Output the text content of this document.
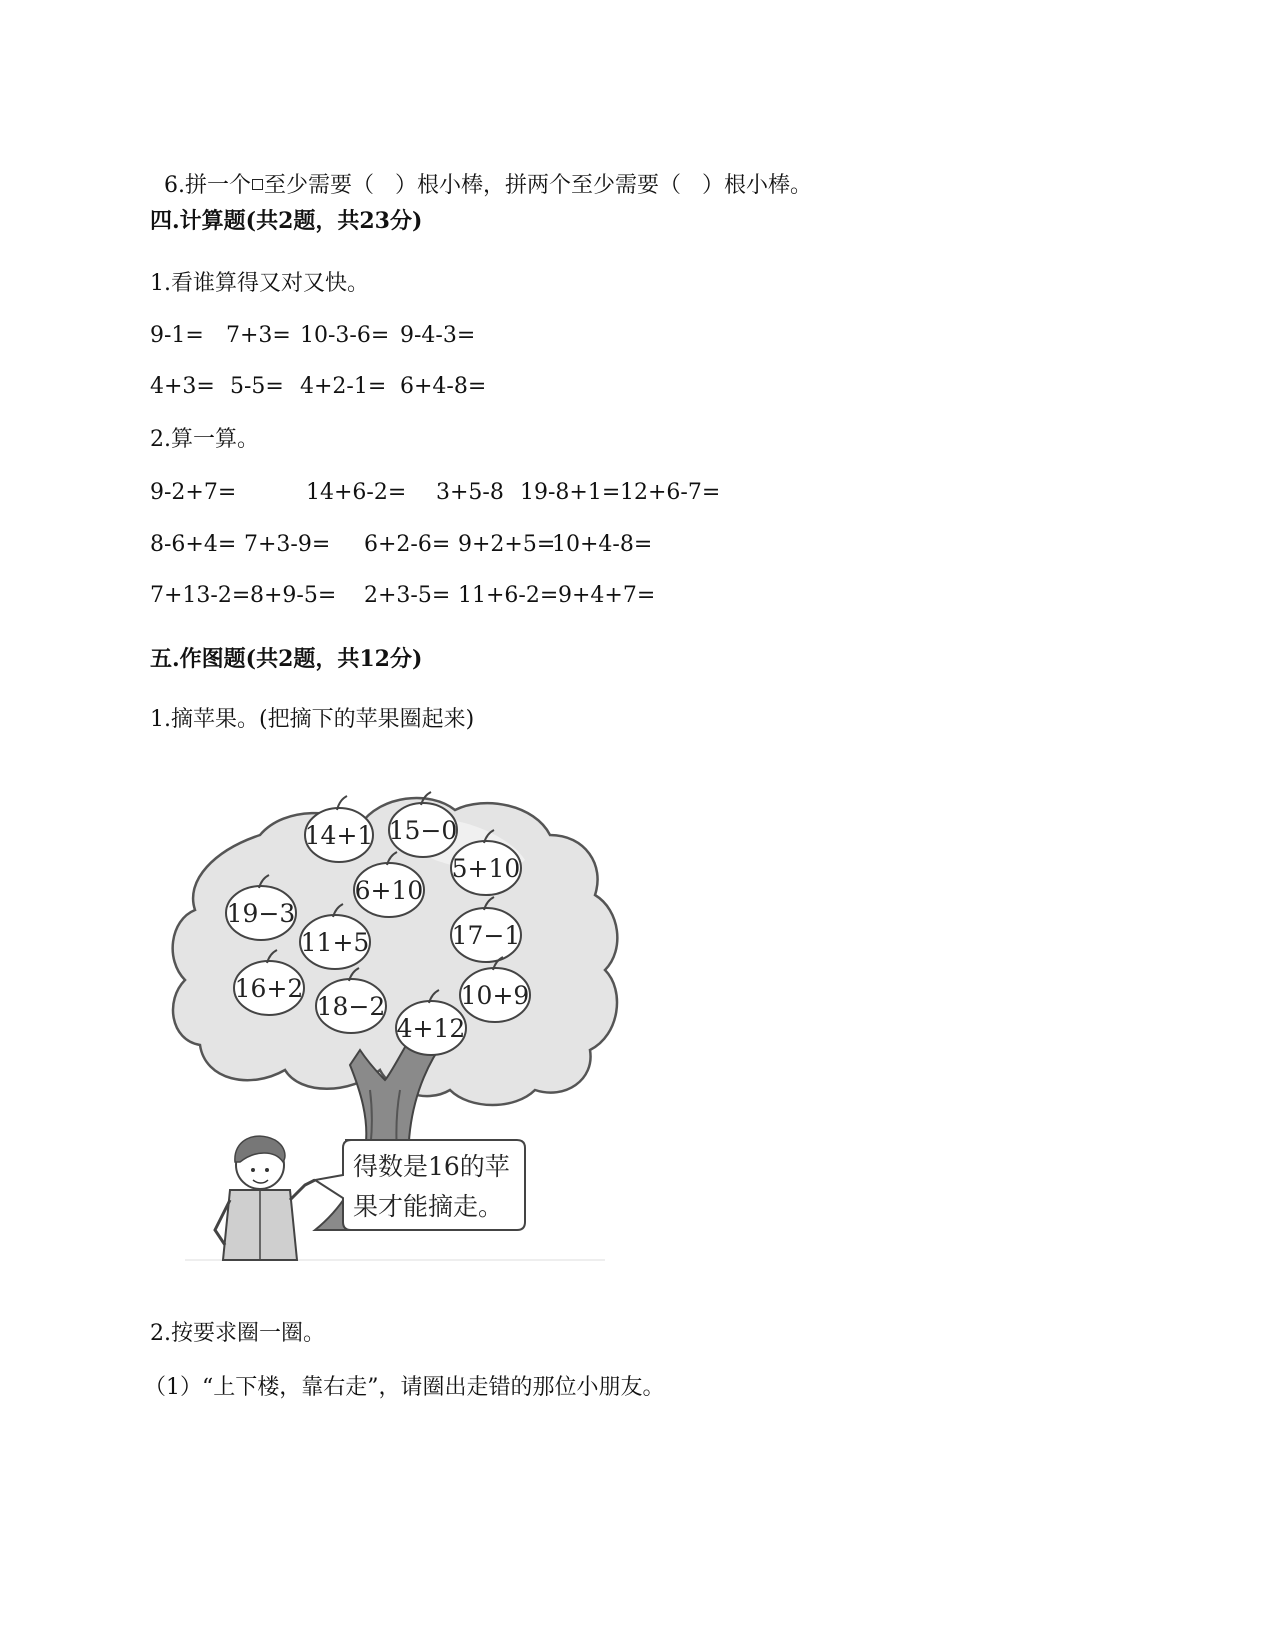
6.拼一个 至少需要（   ）根小棒，拼两个至少需要（   ）根小棒。

四.计算题(共2题，共23分)
1.看谁算得又对又快。

9-1=

7+3=

10-3-6=

9-4-3=

4+3=

5-5=

4+2-1=

6+4-8=

2.算一算。

9-2+7=

	14+6-2=

3+5-8

19-8+1=

12+6-7=

8-6+4=

7+3-9=

6+2-6=

9+2+5=

10+4-8=

7+13-2=

8+9-5=

2+3-5=

11+6-2=

9+4+7=

五.作图题(共2题，共12分)
1.摘苹果。(把摘下的苹果圈起来)
14+1 15−0
5+10
6+10
19−3
11+5	17−1
16+2
18−2
4+12
10+9
得数是16的苹
果才能摘走。
2.按要求圈一圈。
（1）“上下楼，靠右走”，请圈出走错的那位小朋友。
